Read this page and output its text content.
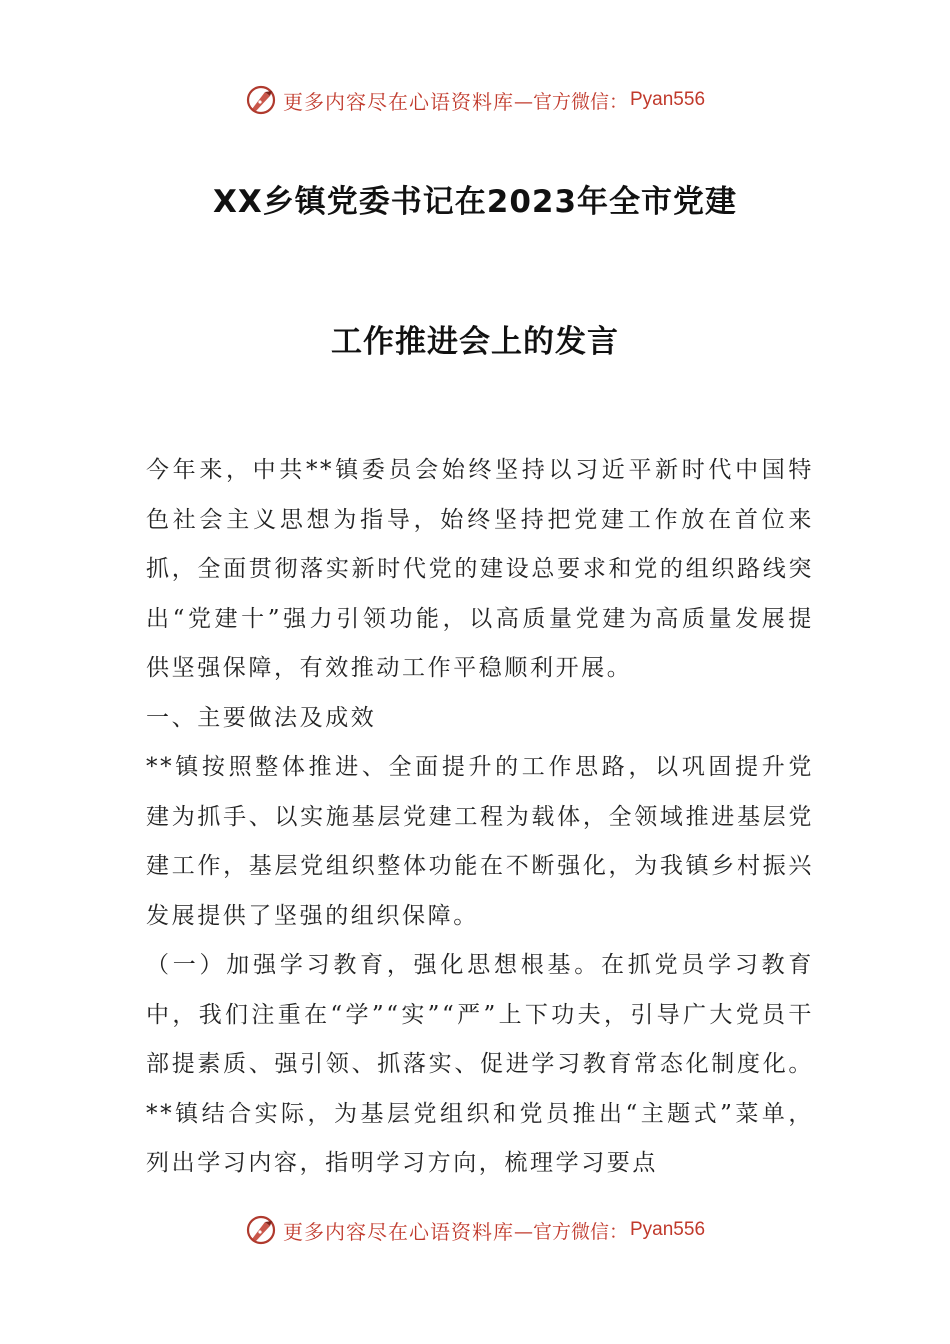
更多内容尽在心语资料库 —官方微信： Pyan556
XX乡镇党委书记在2023年全市党建
工作推进会上的发言

今年来，中共**镇委员会始终坚持以习近平新时代中国特色社会主义思想为指导，始终坚持把党建工作放在首位来抓，全面贯彻落实新时代党的建设总要求和党的组织路线突出“党建十”强力引领功能，以高质量党建为高质量发展提供坚强保障，有效推动工作平稳顺利开展。

一、主要做法及成效

**镇按照整体推进、全面提升的工作思路，以巩固提升党建为抓手、以实施基层党建工程为载体，全领域推进基层党建工作，基层党组织整体功能在不断强化，为我镇乡村振兴发展提供了坚强的组织保障。

（一）加强学习教育，强化思想根基。在抓党员学习教育中，我们注重在“学”“实”“严”上下功夫，引导广大党员干部提素质、强引领、抓落实、促进学习教育常态化制度化。**镇结合实际，为基层党组织和党员推出“主题式”菜单，列出学习内容，指明学习方向，梳理学习要点

更多内容尽在心语资料库 —官方微信： Pyan556
